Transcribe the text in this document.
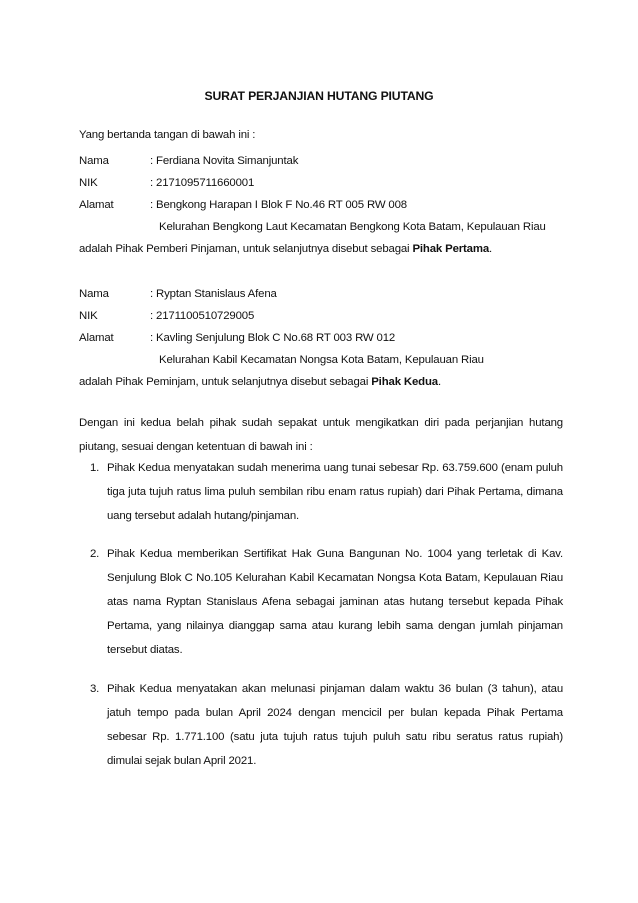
SURAT PERJANJIAN HUTANG PIUTANG
Yang bertanda tangan di bawah ini :
Nama	: Ferdiana Novita Simanjuntak
NIK	: 2171095711660001
Alamat	: Bengkong Harapan I Blok F No.46 RT 005 RW 008
Kelurahan Bengkong Laut Kecamatan Bengkong Kota Batam, Kepulauan Riau
adalah Pihak Pemberi Pinjaman, untuk selanjutnya disebut sebagai Pihak Pertama.
Nama	: Ryptan Stanislaus Afena
NIK	: 2171100510729005
Alamat	: Kavling Senjulung Blok C No.68 RT 003 RW 012
Kelurahan Kabil Kecamatan Nongsa Kota Batam, Kepulauan Riau
adalah Pihak Peminjam, untuk selanjutnya disebut sebagai Pihak Kedua.
Dengan ini kedua belah pihak sudah sepakat untuk mengikatkan diri pada perjanjian hutang piutang, sesuai dengan ketentuan di bawah ini :
1. Pihak Kedua menyatakan sudah menerima uang tunai sebesar Rp. 63.759.600 (enam puluh tiga juta tujuh ratus lima puluh sembilan ribu enam ratus rupiah) dari Pihak Pertama, dimana uang tersebut adalah hutang/pinjaman.
2. Pihak Kedua memberikan Sertifikat Hak Guna Bangunan No. 1004 yang terletak di Kav. Senjulung Blok C No.105 Kelurahan Kabil Kecamatan Nongsa Kota Batam, Kepulauan Riau atas nama Ryptan Stanislaus Afena sebagai jaminan atas hutang tersebut kepada Pihak Pertama, yang nilainya dianggap sama atau kurang lebih sama dengan jumlah pinjaman tersebut diatas.
3. Pihak Kedua menyatakan akan melunasi pinjaman dalam waktu 36 bulan (3 tahun), atau jatuh tempo pada bulan April 2024 dengan mencicil per bulan kepada Pihak Pertama sebesar Rp. 1.771.100 (satu juta tujuh ratus tujuh puluh satu ribu seratus ratus rupiah) dimulai sejak bulan April 2021.
